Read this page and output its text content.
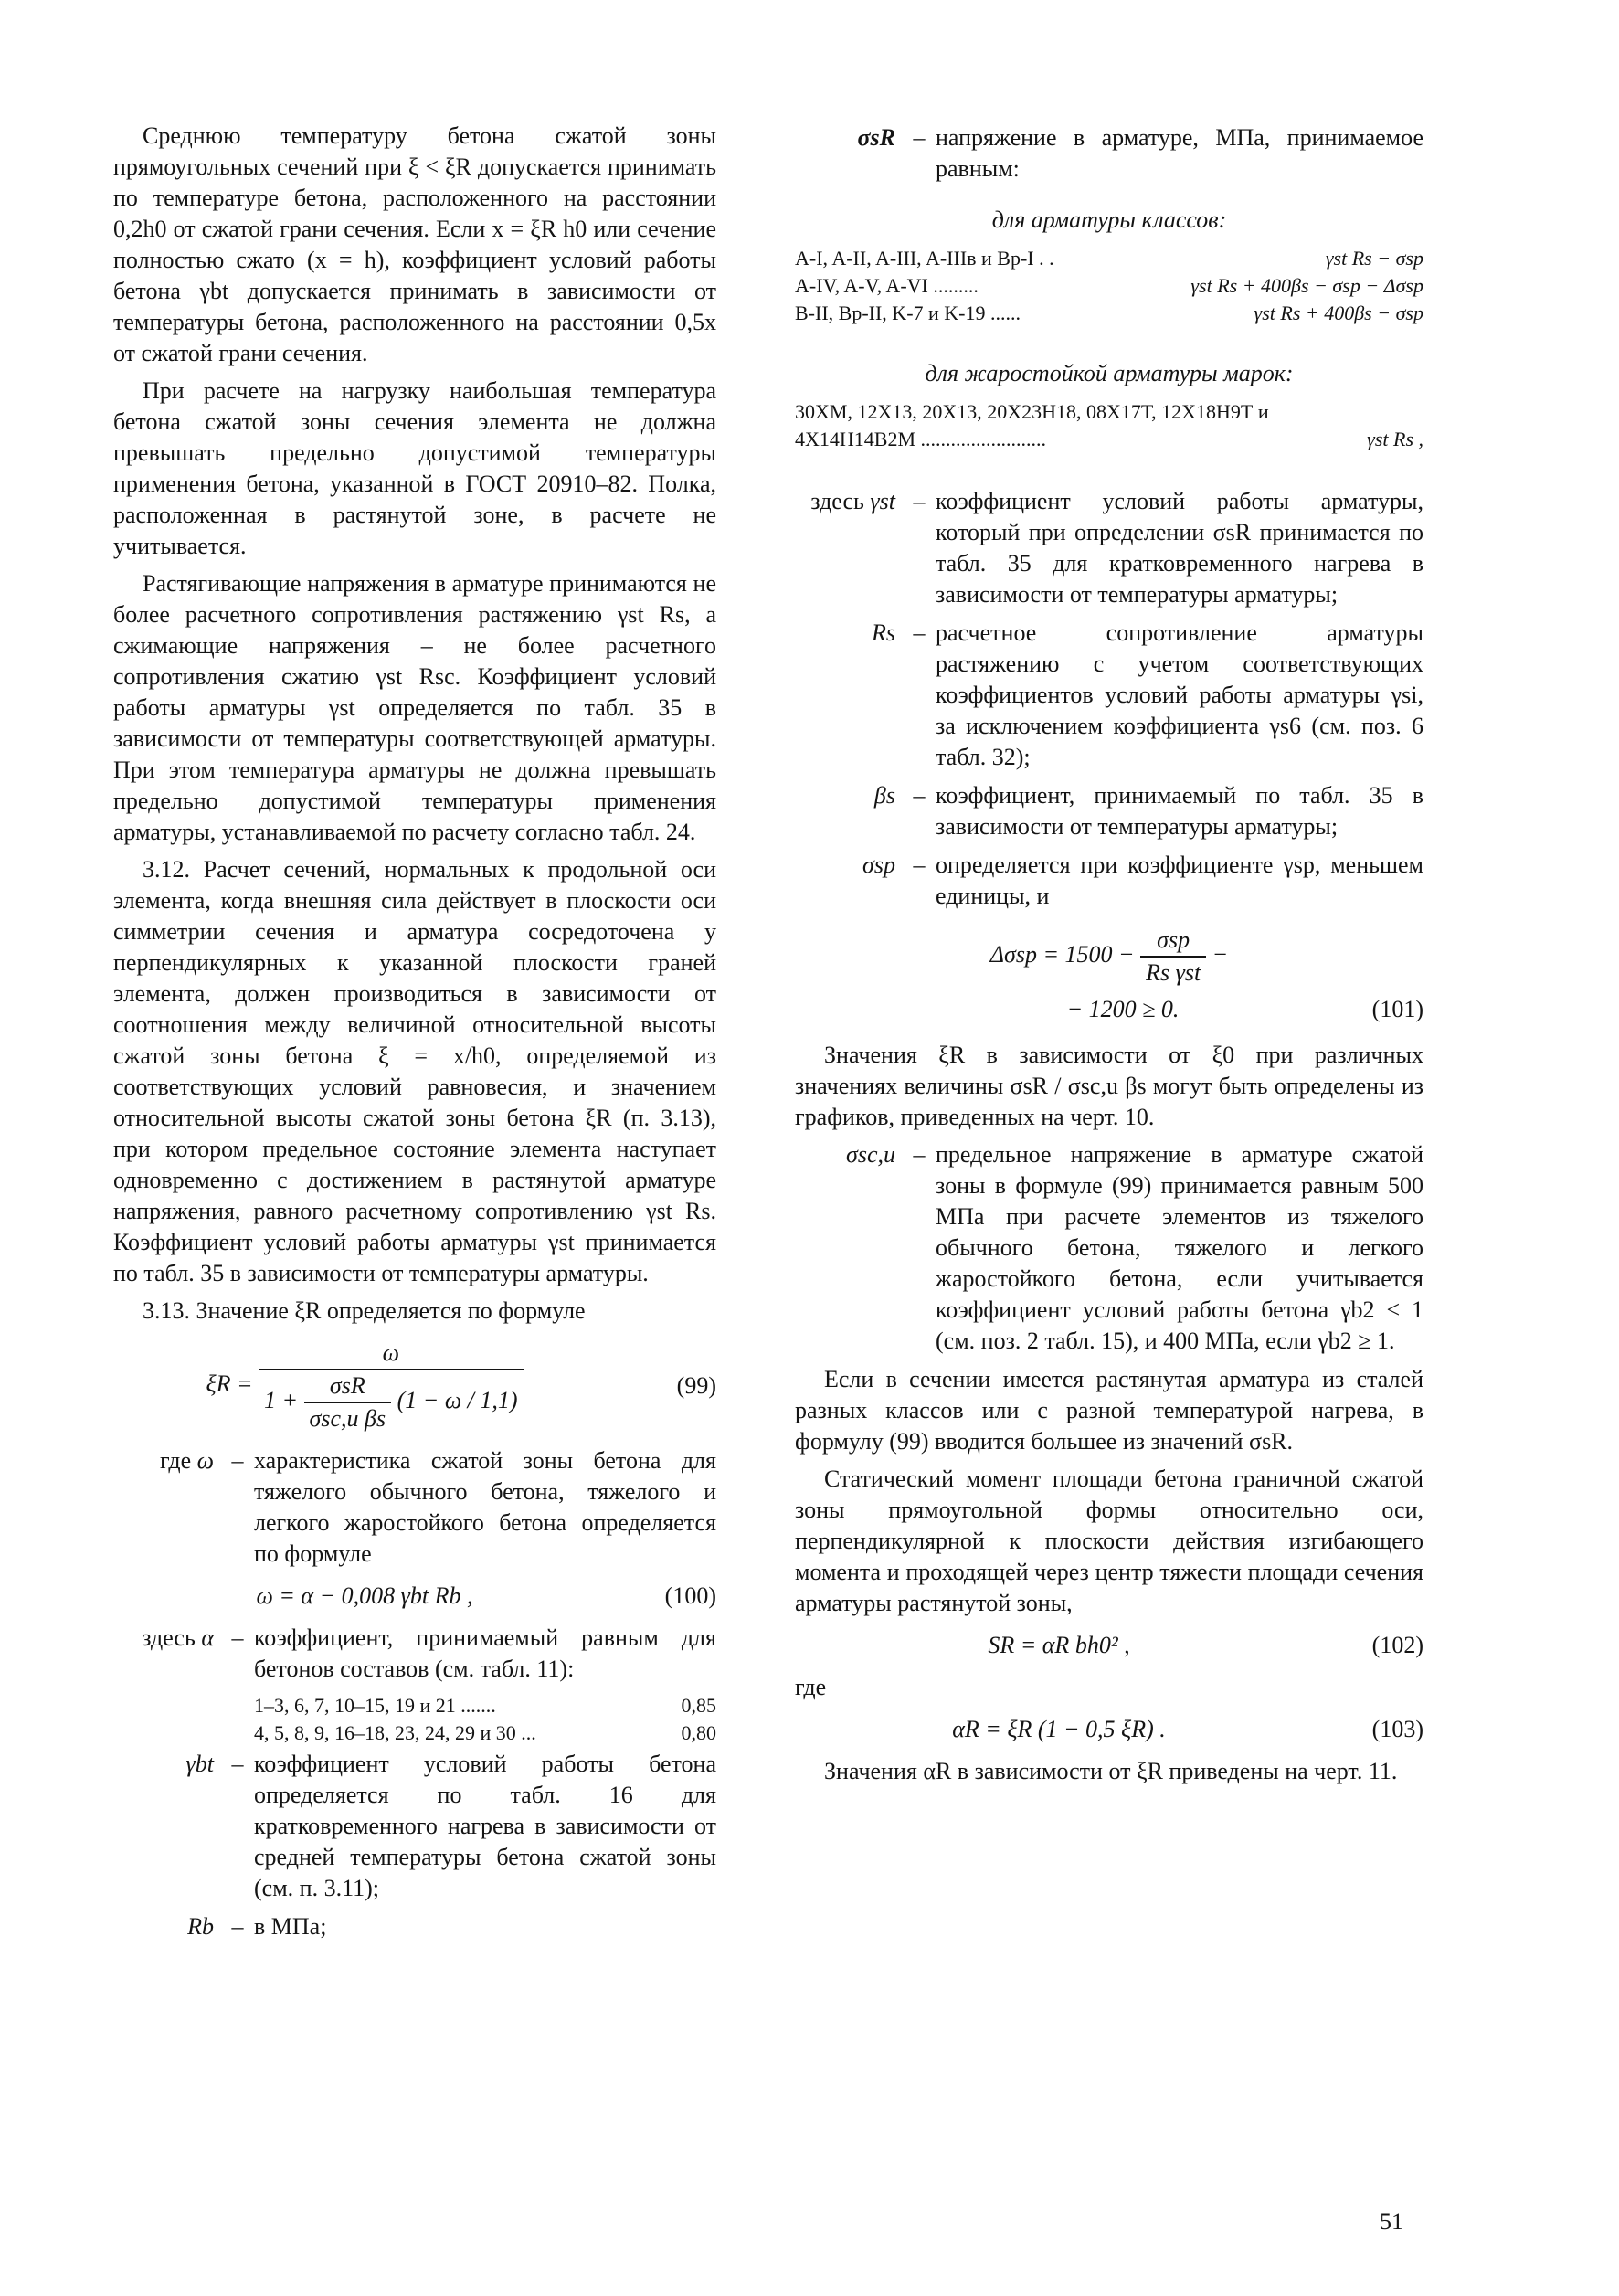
Среднюю температуру бетона сжатой зоны прямоугольных сечений при ξ < ξR допускается принимать по температуре бетона, расположенного на расстоянии 0,2h0 от сжатой грани сечения. Если x = ξR h0 или сечение полностью сжато (x = h), коэффициент условий работы бетона γbt допускается принимать в зависимости от температуры бетона, расположенного на расстоянии 0,5x от сжатой грани сечения.

При расчете на нагрузку наибольшая температура бетона сжатой зоны сечения элемента не должна превышать предельно допустимой температуры применения бетона, указанной в ГОСТ 20910–82. Полка, расположенная в растянутой зоне, в расчете не учитывается.

Растягивающие напряжения в арматуре принимаются не более расчетного сопротивления растяжению γst Rs, а сжимающие напряжения – не более расчетного сопротивления сжатию γst Rsc. Коэффициент условий работы арматуры γst определяется по табл. 35 в зависимости от температуры соответствующей арматуры. При этом температура арматуры не должна превышать предельно допустимой температуры применения арматуры, устанавливаемой по расчету согласно табл. 24.

3.12. Расчет сечений, нормальных к продольной оси элемента, когда внешняя сила действует в плоскости оси симметрии сечения и арматура сосредоточена у перпендикулярных к указанной плоскости граней элемента, должен производиться в зависимости от соотношения между величиной относительной высоты сжатой зоны бетона ξ = x/h0, определяемой из соответствующих условий равновесия, и значением относительной высоты сжатой зоны бетона ξR (п. 3.13), при котором предельное состояние элемента наступает одновременно с достижением в растянутой арматуре напряжения, равного расчетному сопротивлению γst Rs. Коэффициент условий работы арматуры γst принимается по табл. 35 в зависимости от температуры арматуры.

3.13. Значение ξR определяется по формуле

ξR =
ω
$1 + \frac{\text{σsR}}{\text{σsc,u βs}} (1 - \omega / 1,1)$
(99)
где ω – характеристика сжатой зоны бетона для тяжелого обычного бетона, тяжелого и легкого жаростойкого бетона определяется по формуле
ω = α − 0,008 γbt Rb ,	(100)
здесь α – коэффициент, принимаемый равным для бетонов составов (см. табл. 11):
1–3, 6, 7, 10–15, 19 и 21 .......	0,85
4, 5, 8, 9, 16–18, 23, 24, 29 и 30 ...	0,80
γbt – коэффициент условий работы бетона определяется по табл. 16 для кратковременного нагрева в зависимости от средней температуры бетона сжатой зоны (см. п. 3.11);
Rb – в МПа;
σsR – напряжение в арматуре, МПа, принимаемое равным:
для арматуры классов:
A-I, A-II, A-III, A-IIIв и Вр-I . .	γst Rs − σsp
A-IV, A-V, A-VI .........	γst Rs + 400βs − σsp − Δσsp
B-II, Bp-II, K-7 и K-19 ......	γst Rs + 400βs − σsp
для жаростойкой арматуры марок:
30ХМ, 12Х13, 20Х13, 20Х23Н18, 08Х17Т, 12Х18Н9Т и
4Х14Н14В2М .........................	γst Rs ,
здесь γst – коэффициент условий работы арматуры, который при определении σsR принимается по табл. 35 для кратковременного нагрева в зависимости от температуры арматуры;
Rs – расчетное сопротивление арматуры растяжению с учетом соответствующих коэффициентов условий работы арматуры γsi, за исключением коэффициента γs6 (см. поз. 6 табл. 32);
βs – коэффициент, принимаемый по табл. 35 в зависимости от температуры арматуры;
σsp – определяется при коэффициенте γsp, меньшем единицы, и
$\Delta\sigma sp = 1500 - \frac{\text{σsp}}{\text{Rs γst}}$ −
− 1200 ≥ 0.	(101)

Значения ξR в зависимости от ξ0 при различных значениях величины σsR / σsc,u βs могут быть определены из графиков, приведенных на черт. 10.

σsc,u – предельное напряжение в арматуре сжатой зоны в формуле (99) принимается равным 500 МПа при расчете элементов из тяжелого обычного бетона, тяжелого и легкого жаростойкого бетона, если учитывается коэффициент условий работы бетона γb2 < 1 (см. поз. 2 табл. 15), и 400 МПа, если γb2 ≥ 1.

Если в сечении имеется растянутая арматура из сталей разных классов или с разной температурой нагрева, в формулу (99) вводится большее из значений σsR.

Статический момент площади бетона граничной сжатой зоны прямоугольной формы относительно оси, перпендикулярной к плоскости действия изгибающего момента и проходящей через центр тяжести площади сечения арматуры растянутой зоны,

SR = αR bh0² ,	(102)
где
αR = ξR (1 − 0,5 ξR) .	(103)

Значения αR в зависимости от ξR приведены на черт. 11.

51
